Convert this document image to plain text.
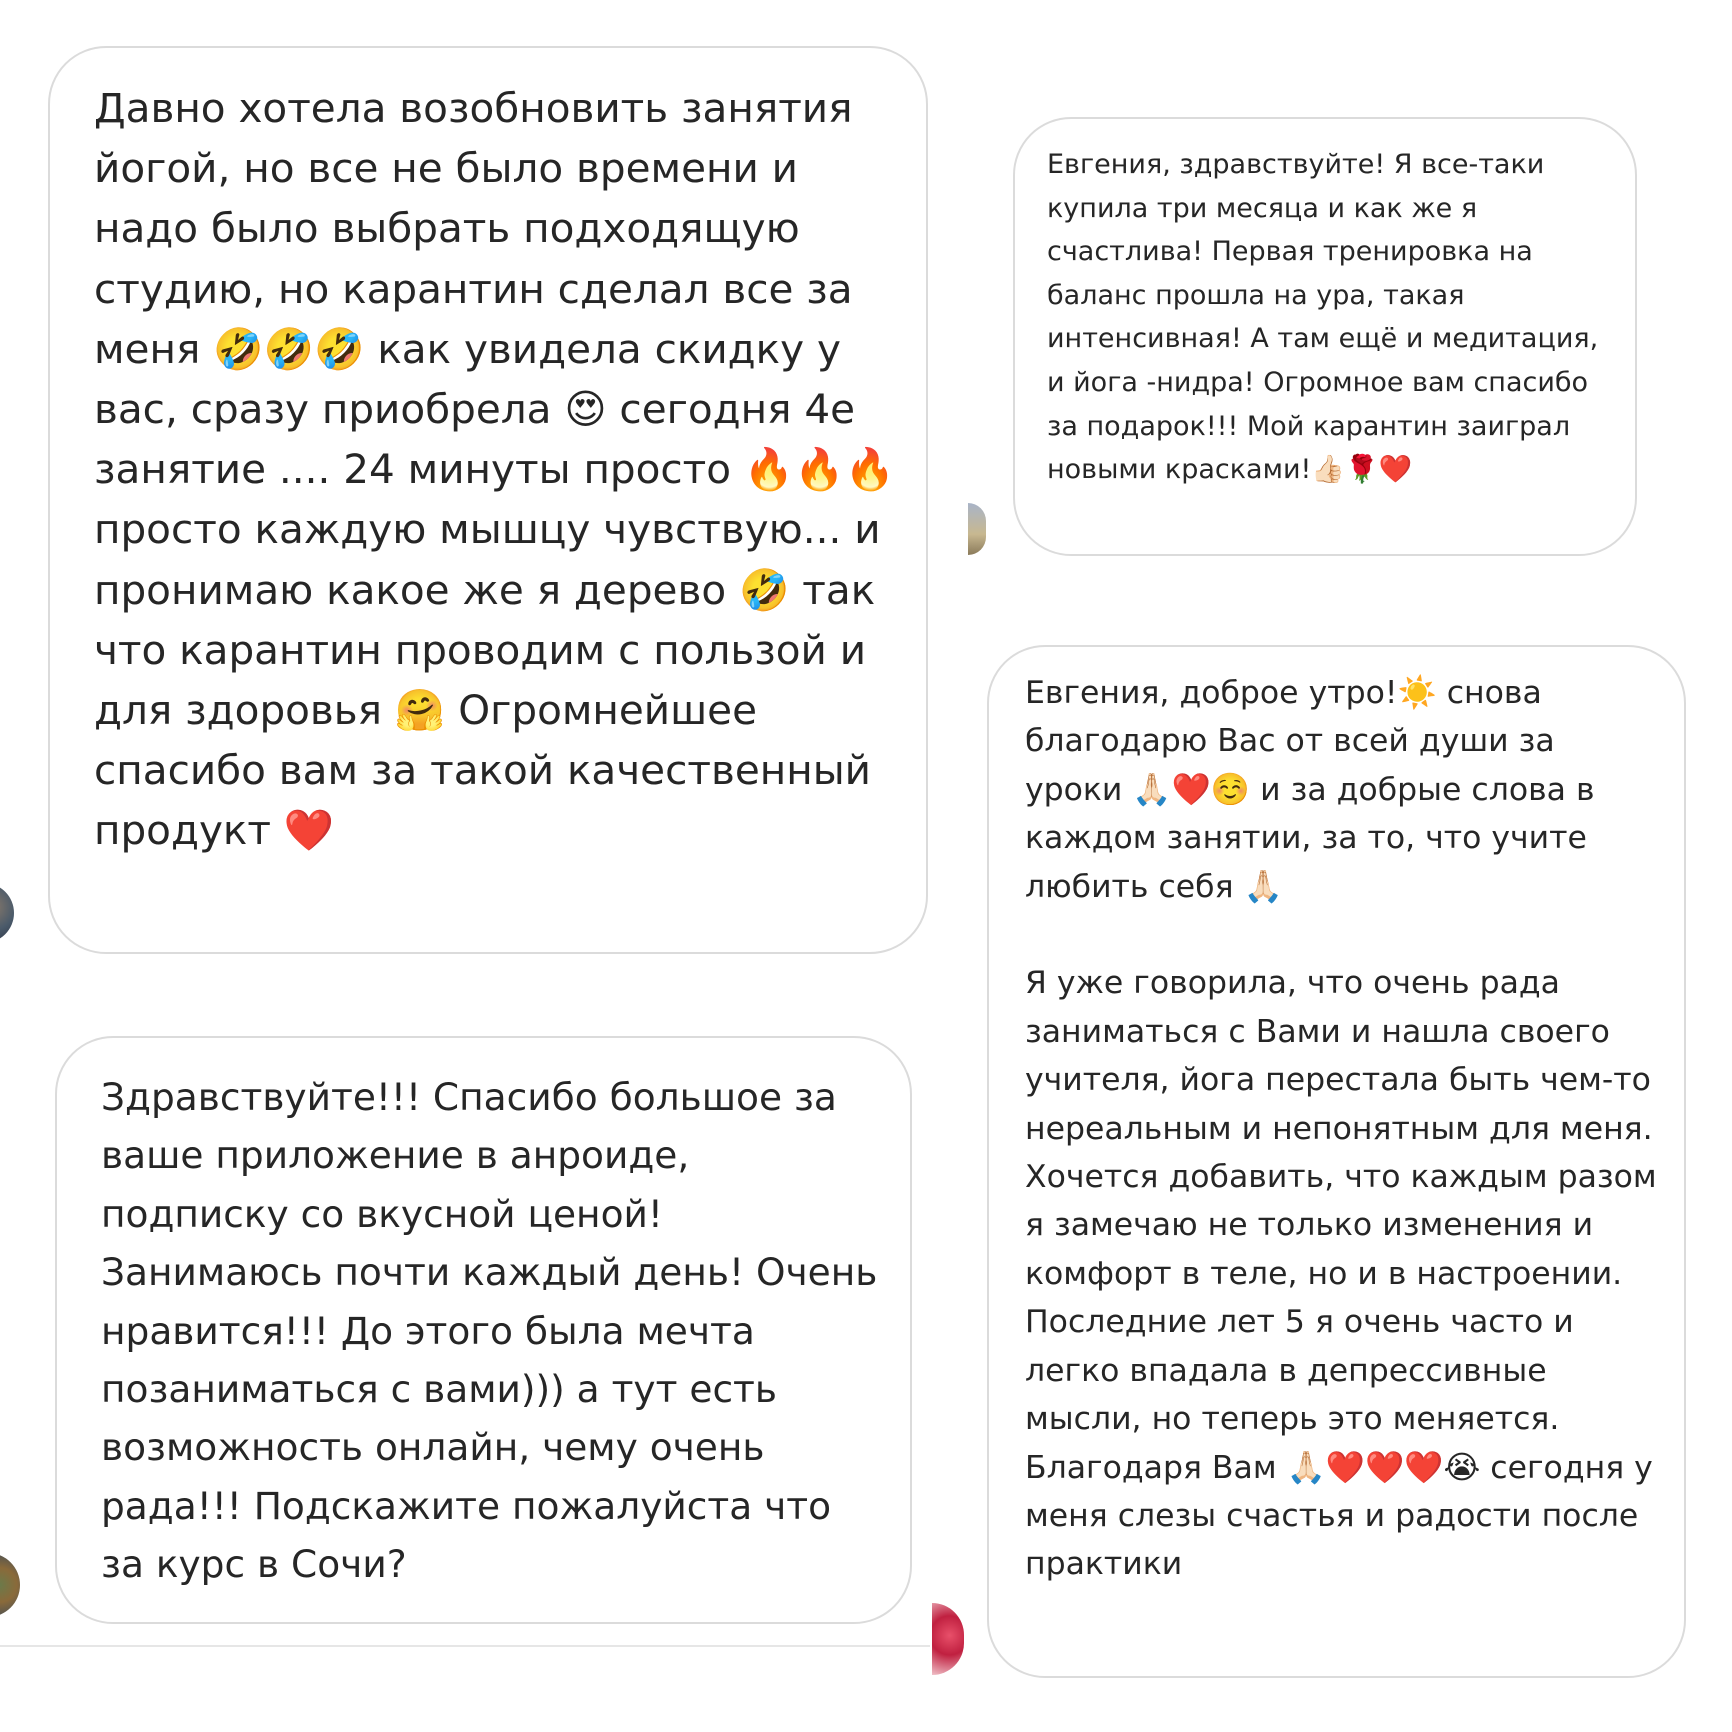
Давно хотела возобновить занятия йогой, но все не было времени и надо было выбрать подходящую студию, но карантин сделал все за меня 🤣🤣🤣 как увидела скидку у вас, сразу приобрела 😍 сегодня 4е занятие .... 24 минуты просто 🔥🔥🔥 просто каждую мышцу чувствую... и пронимаю какое же я дерево 🤣 так что карантин проводим с пользой и для здоровья 🤗 Огромнейшее спасибо вам за такой качественный продукт ❤️

Здравствуйте!!! Спасибо большое за ваше приложение в анроиде, подписку со вкусной ценой! Занимаюсь почти каждый день! Очень нравится!!! До этого была мечта позаниматься с вами))) а тут есть возможность онлайн, чему очень рада!!! Подскажите пожалуйста что за курс в Сочи?

Евгения, здравствуйте! Я все-таки купила три месяца и как же я счастлива! Первая тренировка на баланс прошла на ура, такая интенсивная! А там ещё и медитация, и йога -нидра! Огромное вам спасибо за подарок!!! Мой карантин заиграл новыми красками!👍🏻🌹❤️

Евгения, доброе утро!☀️ снова благодарю Вас от всей души за уроки 🙏🏻❤️☺️ и за добрые слова в каждом занятии, за то, что учите любить себя 🙏🏻

Я уже говорила, что очень рада заниматься с Вами и нашла своего учителя, йога перестала быть чем-то нереальным и непонятным для меня. Хочется добавить, что каждым разом я замечаю не только изменения и комфорт в теле, но и в настроении. Последние лет 5 я очень часто и легко впадала в депрессивные мысли, но теперь это меняется. Благодаря Вам 🙏🏻❤️❤️❤️😭 сегодня у меня слезы счастья и радости после практики
